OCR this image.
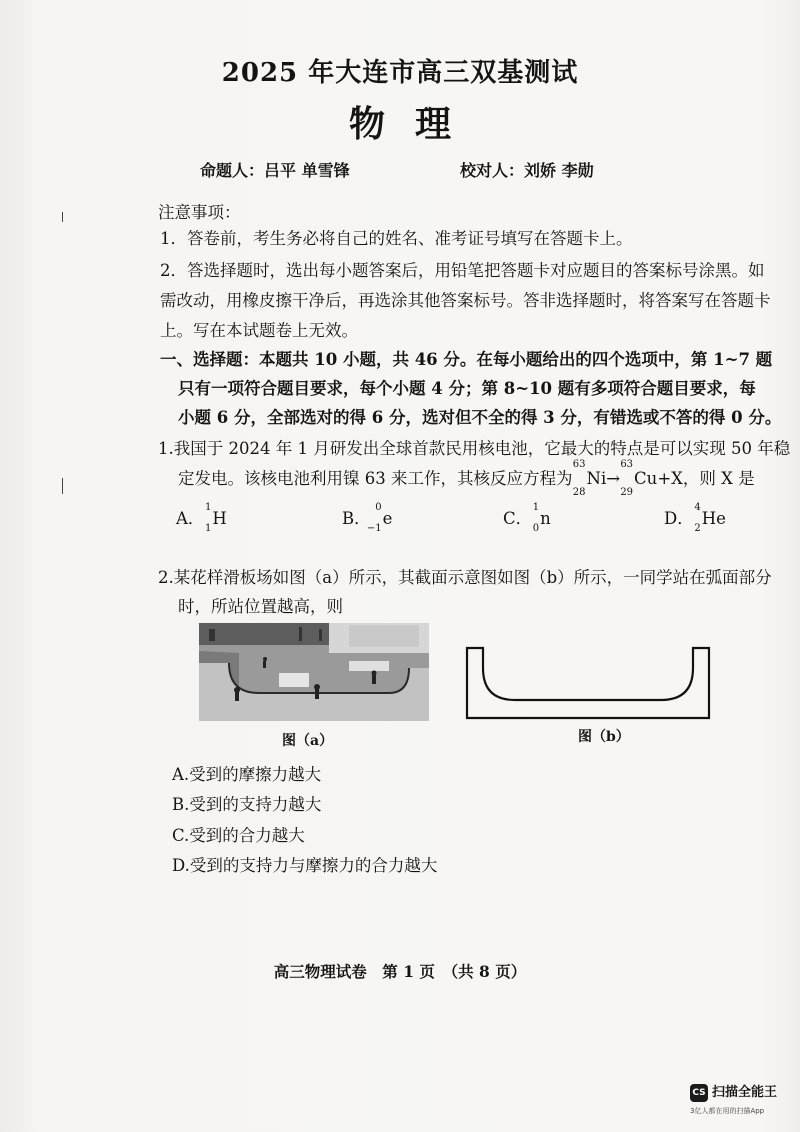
2025 年大连市高三双基测试
物理
命题人：吕平 单雪锋	校对人：刘娇 李勋
注意事项：
1．答卷前，考生务必将自己的姓名、准考证号填写在答题卡上。
2．答选择题时，选出每小题答案后，用铅笔把答题卡对应题目的答案标号涂黑。如
需改动，用橡皮擦干净后，再选涂其他答案标号。答非选择题时，将答案写在答题卡
上。写在本试题卷上无效。
一、选择题：本题共 10 小题，共 46 分。在每小题给出的四个选项中，第 1~7 题
只有一项符合题目要求，每个小题 4 分；第 8~10 题有多项符合题目要求，每
小题 6 分，全部选对的得 6 分，选对但不全的得 3 分，有错选或不答的得 0 分。
1.我国于 2024 年 1 月研发出全球首款民用核电池，它最大的特点是可以实现 50 年稳
定发电。该核电池利用镍 63 来工作，其核反应方程为
63
28
Ni→
63
29
Cu+X，则 X 是
A．
1
1
H	B．
0
−1
e	C．
1
0
n	D．
4
2
He
2.某花样滑板场如图（a）所示，其截面示意图如图（b）所示，一同学站在弧面部分
时，所站位置越高，则
图（a）	图（b）
A.受到的摩擦力越大
B.受到的支持力越大
C.受到的合力越大
D.受到的支持力与摩擦力的合力越大
高三物理试卷　第 1 页　（共 8 页）
CS 扫描全能王
3亿人都在用的扫描App
